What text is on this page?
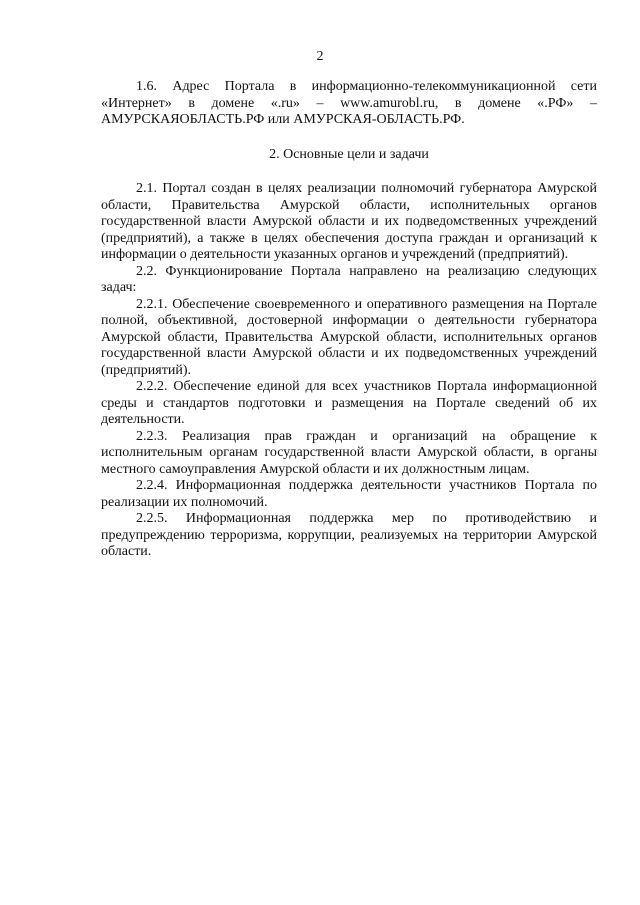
2

1.6. Адрес Портала в информационно-телекоммуникационной сети «Интернет» в домене «.ru» – www.amurobl.ru, в домене «.РФ» – АМУРСКАЯОБЛАСТЬ.РФ или АМУРСКАЯ-ОБЛАСТЬ.РФ.

2. Основные цели и задачи

2.1. Портал создан в целях реализации полномочий губернатора Амурской области, Правительства Амурской области, исполнительных органов государственной власти Амурской области и их подведомственных учреждений (предприятий), а также в целях обеспечения доступа граждан и организаций к информации о деятельности указанных органов и учреждений (предприятий).

2.2. Функционирование Портала направлено на реализацию следующих задач:

2.2.1. Обеспечение своевременного и оперативного размещения на Портале полной, объективной, достоверной информации о деятельности губернатора Амурской области, Правительства Амурской области, исполнительных органов государственной власти Амурской области и их подведомственных учреждений (предприятий).

2.2.2. Обеспечение единой для всех участников Портала информационной среды и стандартов подготовки и размещения на Портале сведений об их деятельности.

2.2.3. Реализация прав граждан и организаций на обращение к исполнительным органам государственной власти Амурской области, в органы местного самоуправления Амурской области и их должностным лицам.

2.2.4. Информационная поддержка деятельности участников Портала по реализации их полномочий.

2.2.5. Информационная поддержка мер по противодействию и предупреждению терроризма, коррупции, реализуемых на территории Амурской области.
